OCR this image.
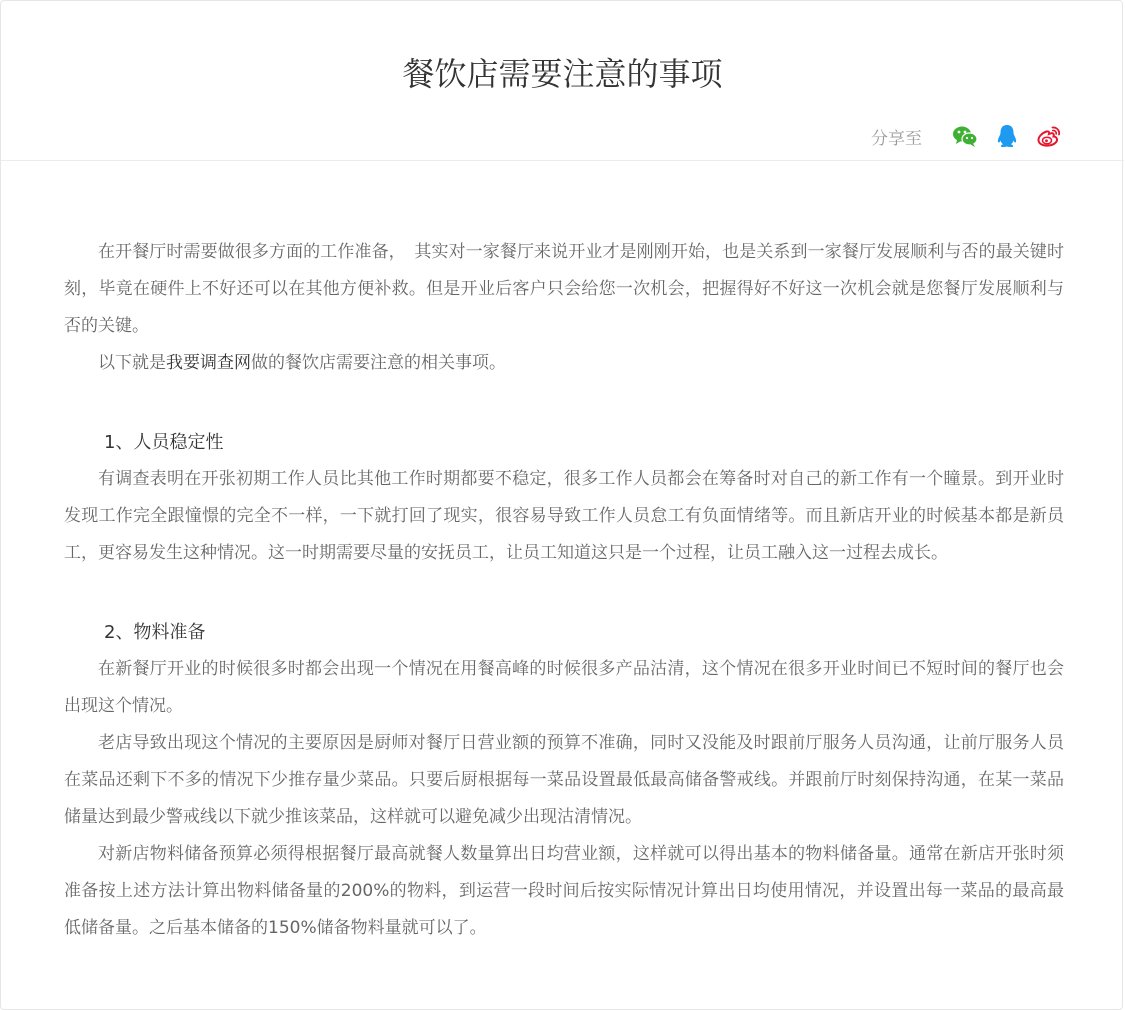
餐饮店需要注意的事项
分享至

在开餐厅时需要做很多方面的工作准备，　其实对一家餐厅来说开业才是刚刚开始，也是关系到一家餐厅发展顺利与否的最关键时刻，毕竟在硬件上不好还可以在其他方便补救。但是开业后客户只会给您一次机会，把握得好不好这一次机会就是您餐厅发展顺利与否的关键。

以下就是我要调查网做的餐饮店需要注意的相关事项。

1、人员稳定性

有调查表明在开张初期工作人员比其他工作时期都要不稳定，很多工作人员都会在筹备时对自己的新工作有一个瞳景。到开业时发现工作完全跟憧憬的完全不一样，一下就打回了现实，很容易导致工作人员怠工有负面情绪等。而且新店开业的时候基本都是新员工，更容易发生这种情况。这一时期需要尽量的安抚员工，让员工知道这只是一个过程，让员工融入这一过程去成长。

2、物料准备

在新餐厅开业的时候很多时都会出现一个情况在用餐高峰的时候很多产品沽清，这个情况在很多开业时间已不短时间的餐厅也会出现这个情况。

老店导致出现这个情况的主要原因是厨师对餐厅日营业额的预算不准确，同时又没能及时跟前厅服务人员沟通，让前厅服务人员在菜品还剩下不多的情况下少推存量少菜品。只要后厨根据每一菜品设置最低最高储备警戒线。并跟前厅时刻保持沟通，在某一菜品储量达到最少警戒线以下就少推该菜品，这样就可以避免减少出现沽清情况。

对新店物料储备预算必须得根据餐厅最高就餐人数量算出日均营业额，这样就可以得出基本的物料储备量。通常在新店开张时须准备按上述方法计算出物料储备量的200%的物料，到运营一段时间后按实际情况计算出日均使用情况，并设置出每一菜品的最高最低储备量。之后基本储备的150%储备物料量就可以了。
